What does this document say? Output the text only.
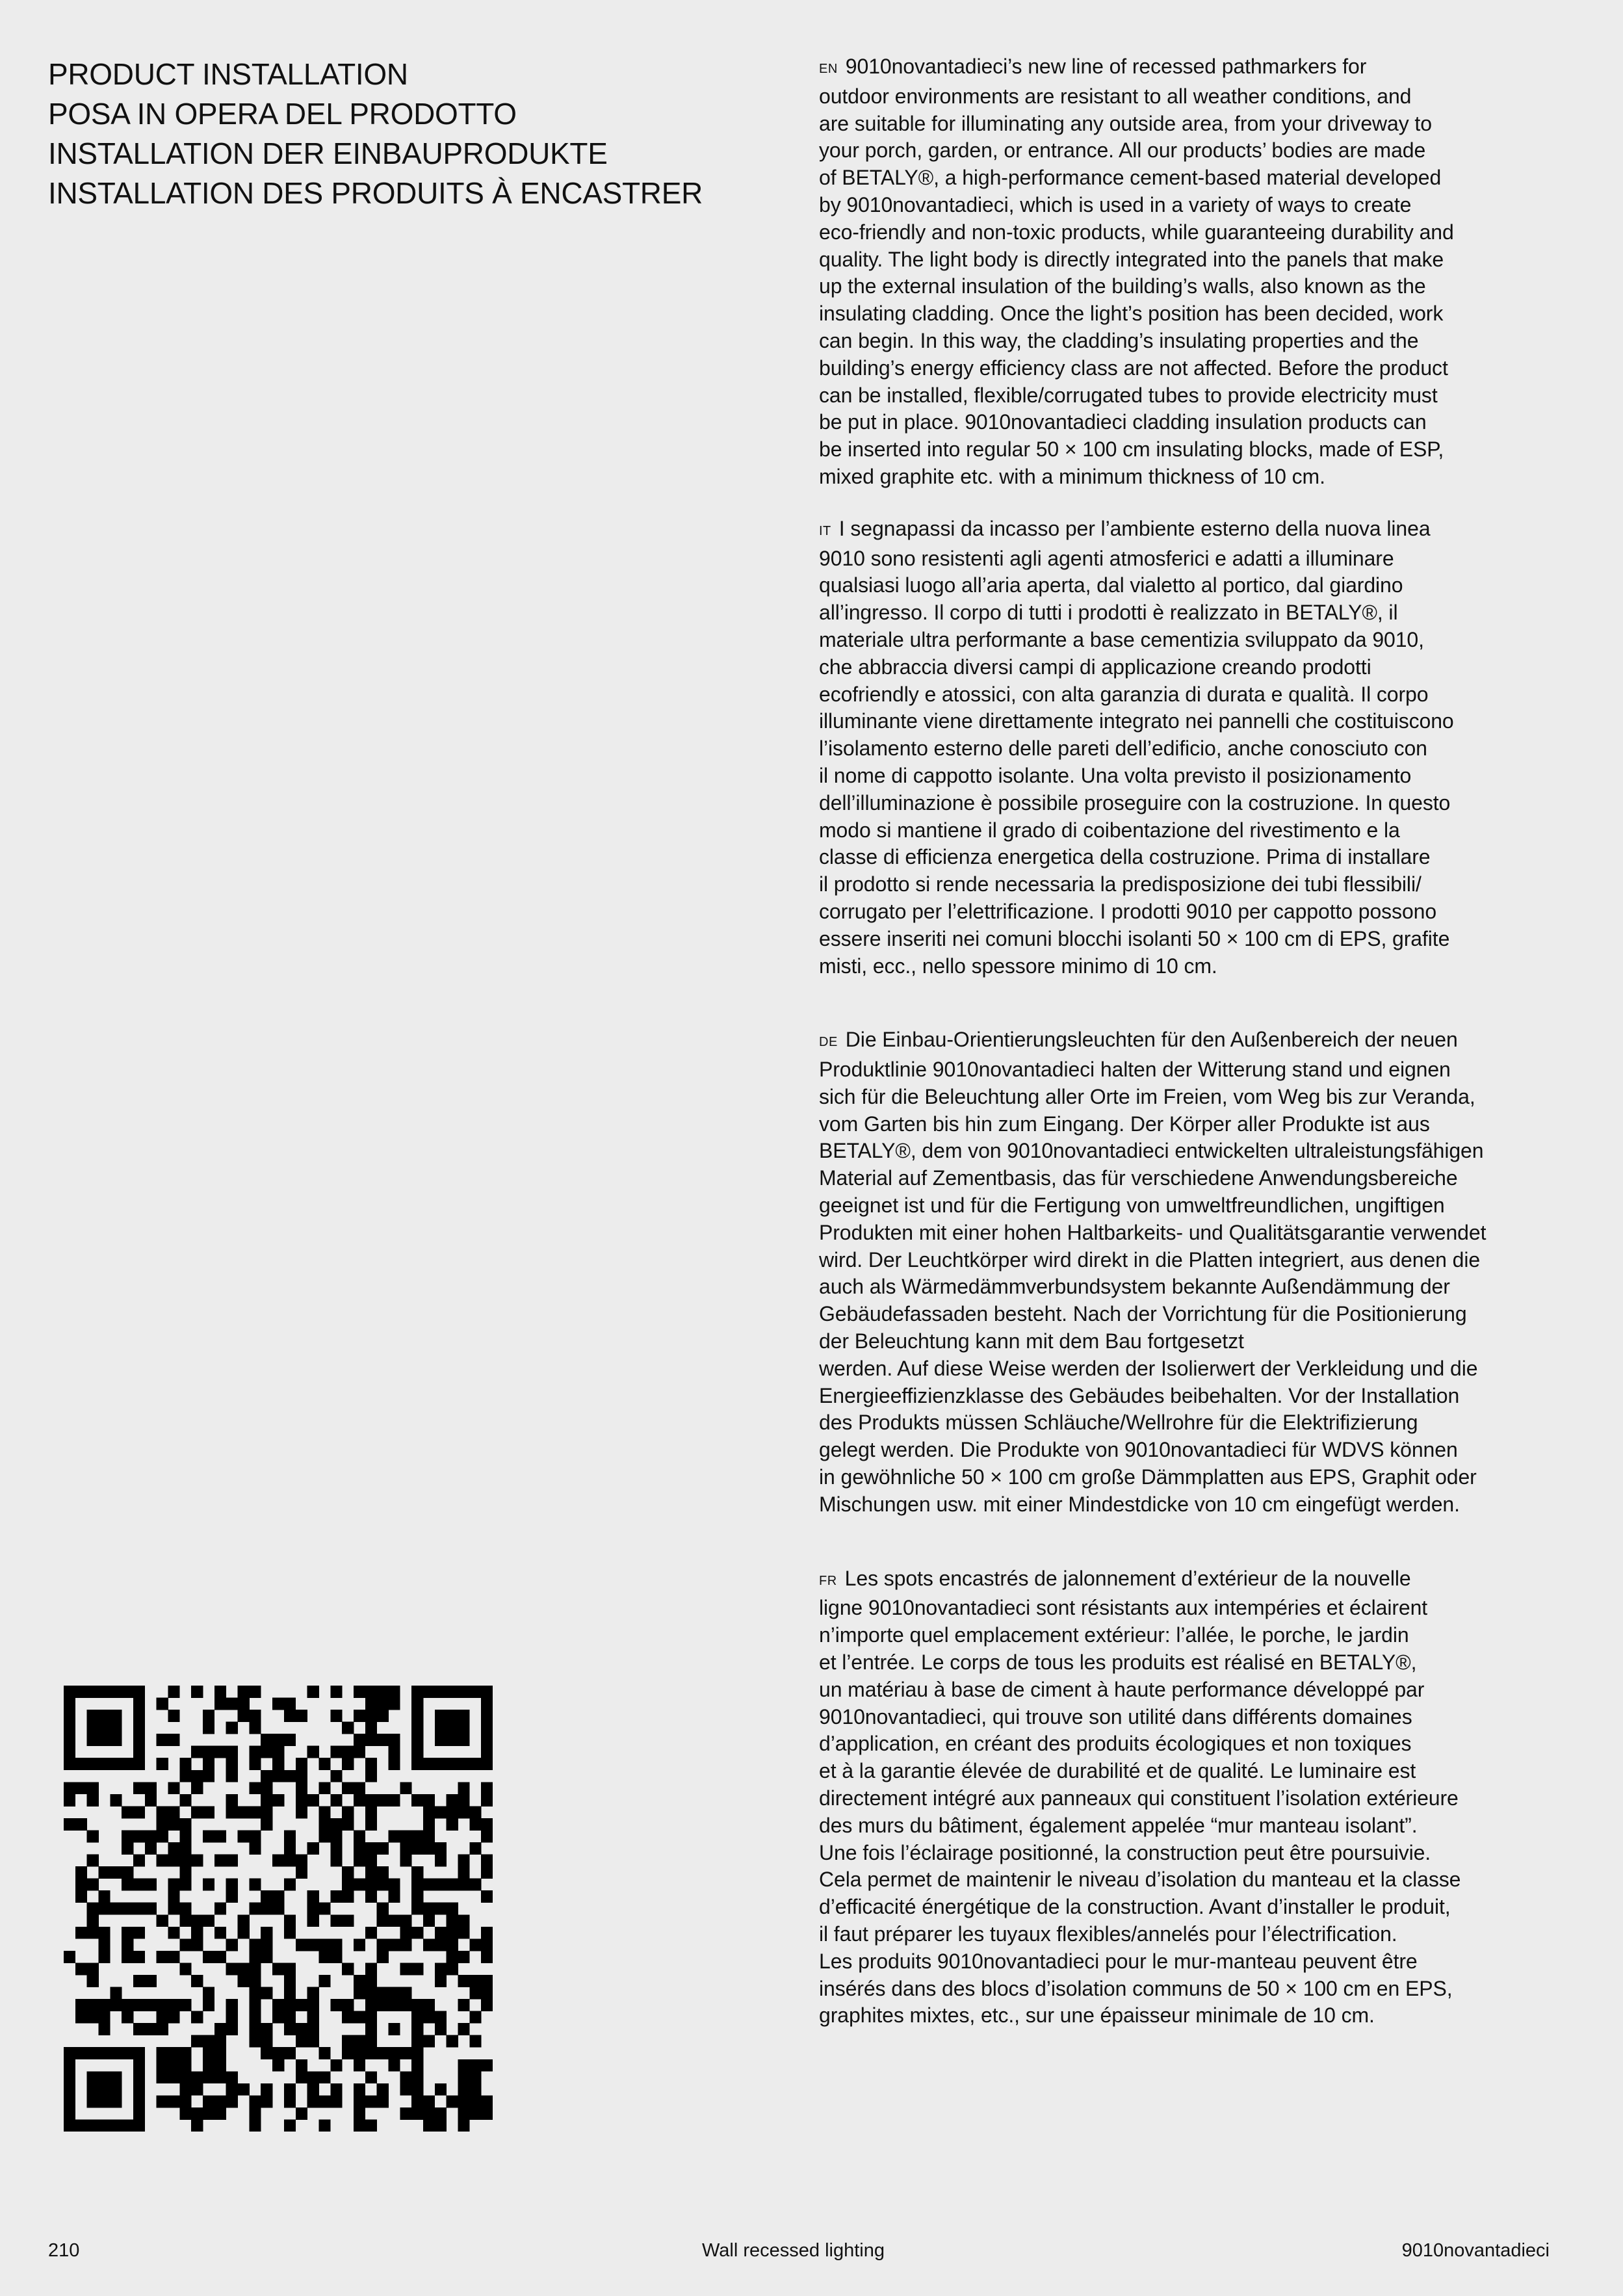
PRODUCT INSTALLATION
POSA IN OPERA DEL PRODOTTO
INSTALLATION DER EINBAUPRODUKTE
INSTALLATION DES PRODUITS À ENCASTRER

EN 9010novantadieci’s new line of recessed pathmarkers for
outdoor environments are resistant to all weather conditions, and
are suitable for illuminating any outside area, from your driveway to
your porch, garden, or entrance. All our products’ bodies are made
of BETALY®, a high-performance cement-based material developed
by 9010novantadieci, which is used in a variety of ways to create
eco-friendly and non-toxic products, while guaranteeing durability and
quality. The light body is directly integrated into the panels that make
up the external insulation of the building’s walls, also known as the
insulating cladding. Once the light’s position has been decided, work
can begin. In this way, the cladding’s insulating properties and the
building’s energy efficiency class are not affected. Before the product
can be installed, flexible/corrugated tubes to provide electricity must
be put in place. 9010novantadieci cladding insulation products can
be inserted into regular 50 × 100 cm insulating blocks, made of ESP,
mixed graphite etc. with a minimum thickness of 10 cm.

IT I segnapassi da incasso per l’ambiente esterno della nuova linea
9010 sono resistenti agli agenti atmosferici e adatti a illuminare
qualsiasi luogo all’aria aperta, dal vialetto al portico, dal giardino
all’ingresso. Il corpo di tutti i prodotti è realizzato in BETALY®, il
materiale ultra performante a base cementizia sviluppato da 9010,
che abbraccia diversi campi di applicazione creando prodotti
ecofriendly e atossici, con alta garanzia di durata e qualità. Il corpo
illuminante viene direttamente integrato nei pannelli che costituiscono
l’isolamento esterno delle pareti dell’edificio, anche conosciuto con
il nome di cappotto isolante. Una volta previsto il posizionamento
dell’illuminazione è possibile proseguire con la costruzione. In questo
modo si mantiene il grado di coibentazione del rivestimento e la
classe di efficienza energetica della costruzione. Prima di installare
il prodotto si rende necessaria la predisposizione dei tubi flessibili/
corrugato per l’elettrificazione. I prodotti 9010 per cappotto possono
essere inseriti nei comuni blocchi isolanti 50 × 100 cm di EPS, grafite
misti, ecc., nello spessore minimo di 10 cm.

DE Die Einbau-Orientierungsleuchten für den Außenbereich der neuen
Produktlinie 9010novantadieci halten der Witterung stand und eignen
sich für die Beleuchtung aller Orte im Freien, vom Weg bis zur Veranda,
vom Garten bis hin zum Eingang. Der Körper aller Produkte ist aus
BETALY®, dem von 9010novantadieci entwickelten ultraleistungsfähigen
Material auf Zementbasis, das für verschiedene Anwendungsbereiche
geeignet ist und für die Fertigung von umweltfreundlichen, ungiftigen
Produkten mit einer hohen Haltbarkeits- und Qualitätsgarantie verwendet
wird. Der Leuchtkörper wird direkt in die Platten integriert, aus denen die
auch als Wärmedämmverbundsystem bekannte Außendämmung der
Gebäudefassaden besteht. Nach der Vorrichtung für die Positionierung
der Beleuchtung kann mit dem Bau fortgesetzt
werden. Auf diese Weise werden der Isolierwert der Verkleidung und die
Energieeffizienzklasse des Gebäudes beibehalten. Vor der Installation
des Produkts müssen Schläuche/Wellrohre für die Elektrifizierung
gelegt werden. Die Produkte von 9010novantadieci für WDVS können
in gewöhnliche 50 × 100 cm große Dämmplatten aus EPS, Graphit oder
Mischungen usw. mit einer Mindestdicke von 10 cm eingefügt werden.

FR Les spots encastrés de jalonnement d’extérieur de la nouvelle
ligne 9010novantadieci sont résistants aux intempéries et éclairent
n’importe quel emplacement extérieur: l’allée, le porche, le jardin
et l’entrée. Le corps de tous les produits est réalisé en BETALY®,
un matériau à base de ciment à haute performance développé par
9010novantadieci, qui trouve son utilité dans différents domaines
d’application, en créant des produits écologiques et non toxiques
et à la garantie élevée de durabilité et de qualité. Le luminaire est
directement intégré aux panneaux qui constituent l’isolation extérieure
des murs du bâtiment, également appelée “mur manteau isolant”.
Une fois l’éclairage positionné, la construction peut être poursuivie.
Cela permet de maintenir le niveau d’isolation du manteau et la classe
d’efficacité énergétique de la construction. Avant d’installer le produit,
il faut préparer les tuyaux flexibles/annelés pour l’électrification.
Les produits 9010novantadieci pour le mur-manteau peuvent être
insérés dans des blocs d’isolation communs de 50 × 100 cm en EPS,
graphites mixtes, etc., sur une épaisseur minimale de 10 cm.

210	Wall recessed lighting	9010novantadieci
